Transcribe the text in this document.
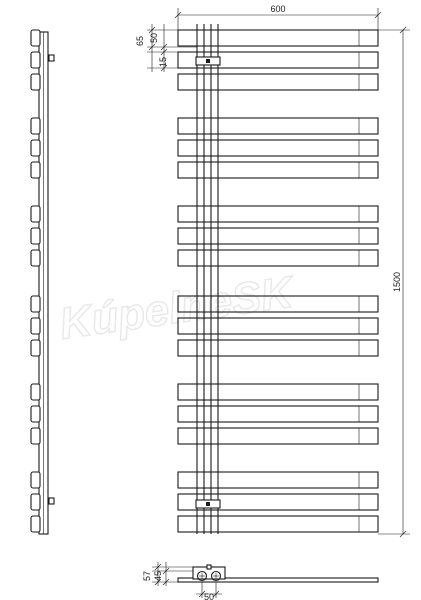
KúpelneSK
600
1500
65 50
15
57 45
50
